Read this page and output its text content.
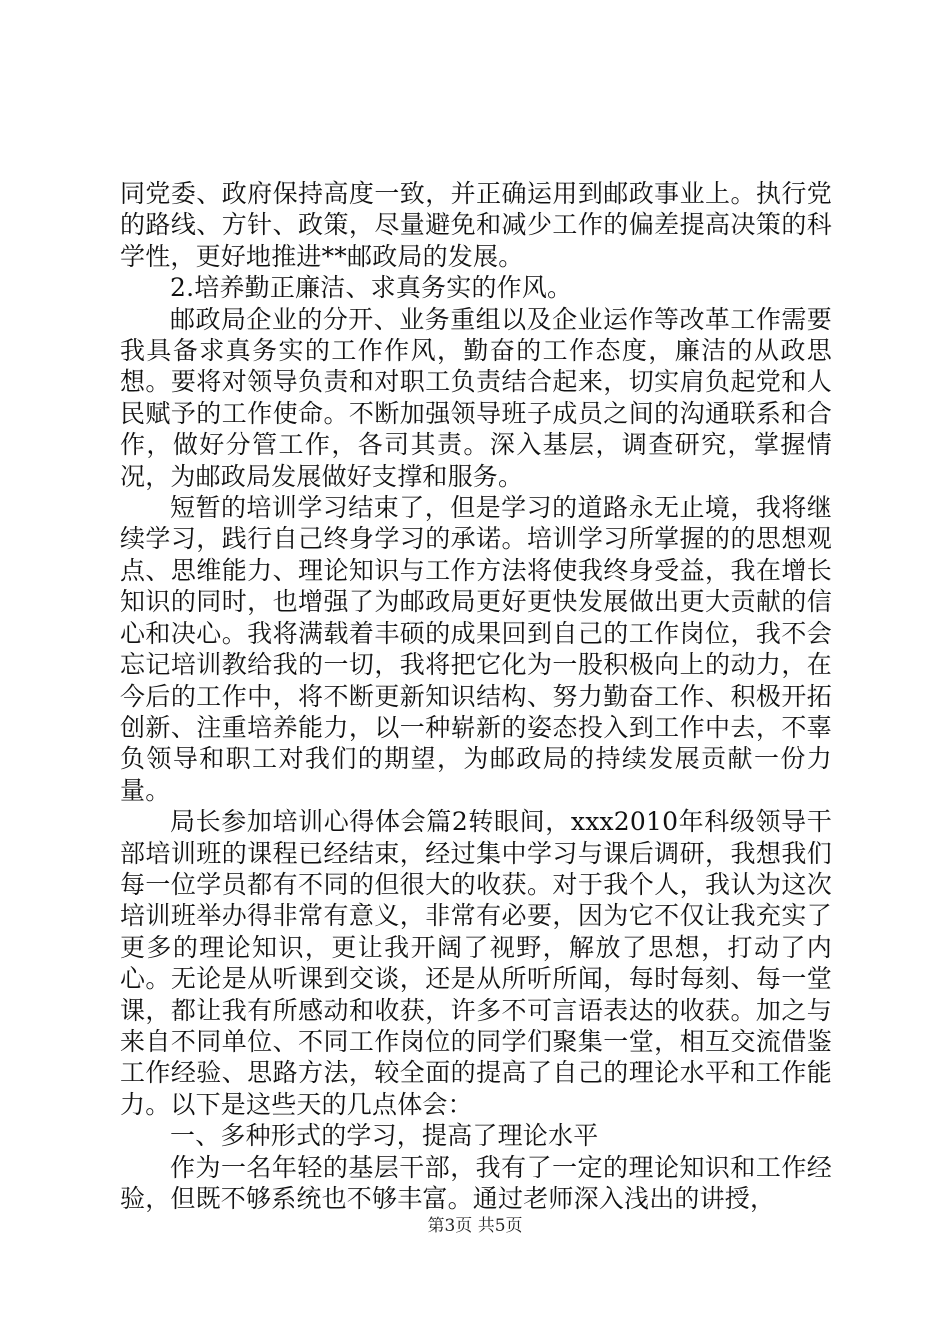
同党委、政府保持高度一致，并正确运用到邮政事业上。执行党的路线、方针、政策，尽量避免和减少工作的偏差提高决策的科学性，更好地推进**邮政局的发展。

2.培养勤正廉洁、求真务实的作风。

邮政局企业的分开、业务重组以及企业运作等改革工作需要我具备求真务实的工作作风，勤奋的工作态度，廉洁的从政思想。要将对领导负责和对职工负责结合起来，切实肩负起党和人民赋予的工作使命。不断加强领导班子成员之间的沟通联系和合作，做好分管工作，各司其责。深入基层，调查研究，掌握情况，为邮政局发展做好支撑和服务。

短暂的培训学习结束了，但是学习的道路永无止境，我将继续学习，践行自己终身学习的承诺。培训学习所掌握的的思想观点、思维能力、理论知识与工作方法将使我终身受益，我在增长知识的同时，也增强了为邮政局更好更快发展做出更大贡献的信心和决心。我将满载着丰硕的成果回到自己的工作岗位，我不会忘记培训教给我的一切，我将把它化为一股积极向上的动力，在今后的工作中，将不断更新知识结构、努力勤奋工作、积极开拓创新、注重培养能力，以一种崭新的姿态投入到工作中去，不辜负领导和职工对我们的期望，为邮政局的持续发展贡献一份力量。

局长参加培训心得体会篇2转眼间，xxx2010年科级领导干部培训班的课程已经结束，经过集中学习与课后调研，我想我们每一位学员都有不同的但很大的收获。对于我个人，我认为这次培训班举办得非常有意义，非常有必要，因为它不仅让我充实了更多的理论知识，更让我开阔了视野，解放了思想，打动了内心。无论是从听课到交谈，还是从所听所闻，每时每刻、每一堂课，都让我有所感动和收获，许多不可言语表达的收获。加之与来自不同单位、不同工作岗位的同学们聚集一堂，相互交流借鉴工作经验、思路方法，较全面的提高了自己的理论水平和工作能力。以下是这些天的几点体会：

一、多种形式的学习，提高了理论水平

作为一名年轻的基层干部，我有了一定的理论知识和工作经验，但既不够系统也不够丰富。通过老师深入浅出的讲授，

第3页 共5页
